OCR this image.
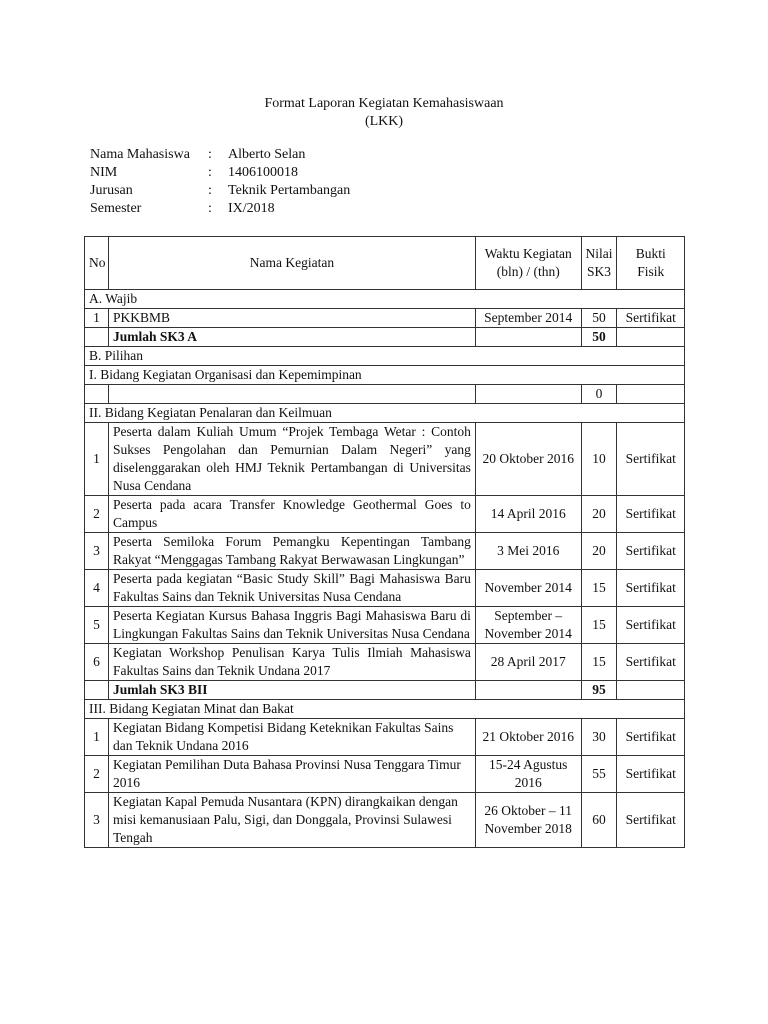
Format Laporan Kegiatan Kemahasiswaan
(LKK)
Nama Mahasiswa	:	Alberto Selan
NIM	:	1406100018
Jurusan	:	Teknik Pertambangan
Semester	:	IX/2018
No	Nama Kegiatan	Waktu Kegiatan (bln) / (thn)	Nilai SK3	Bukti Fisik
A. Wajib				
1	PKKBMB	September 2014	50	Sertifikat
	Jumlah SK3 A		50	
B. Pilihan				
I. Bidang Kegiatan Organisasi dan Kepemimpinan				
			0	
II. Bidang Kegiatan Penalaran dan Keilmuan				
1	Peserta dalam Kuliah Umum “Projek Tembaga Wetar : Contoh Sukses Pengolahan dan Pemurnian Dalam Negeri” yang diselenggarakan oleh HMJ Teknik Pertambangan di Universitas Nusa Cendana	20 Oktober 2016	10	Sertifikat
2	Peserta pada acara Transfer Knowledge Geothermal Goes to Campus	14 April 2016	20	Sertifikat
3	Peserta Semiloka Forum Pemangku Kepentingan Tambang Rakyat “Menggagas Tambang Rakyat Berwawasan Lingkungan”	3 Mei 2016	20	Sertifikat
4	Peserta pada kegiatan “Basic Study Skill” Bagi Mahasiswa Baru Fakultas Sains dan Teknik Universitas Nusa Cendana	November 2014	15	Sertifikat
5	Peserta Kegiatan Kursus Bahasa Inggris Bagi Mahasiswa Baru di Lingkungan Fakultas Sains dan Teknik Universitas Nusa Cendana	September – November 2014	15	Sertifikat
6	Kegiatan Workshop Penulisan Karya Tulis Ilmiah Mahasiswa Fakultas Sains dan Teknik Undana 2017	28 April 2017	15	Sertifikat
	Jumlah SK3 BII		95	
III. Bidang Kegiatan Minat dan Bakat				
1	Kegiatan Bidang Kompetisi Bidang Keteknikan Fakultas Sains dan Teknik Undana 2016	21 Oktober 2016	30	Sertifikat
2	Kegiatan Pemilihan Duta Bahasa Provinsi Nusa Tenggara Timur 2016	15-24 Agustus 2016	55	Sertifikat
3	Kegiatan Kapal Pemuda Nusantara (KPN) dirangkaikan dengan misi kemanusiaan Palu, Sigi, dan Donggala, Provinsi Sulawesi Tengah	26 Oktober – 11 November 2018	60	Sertifikat
